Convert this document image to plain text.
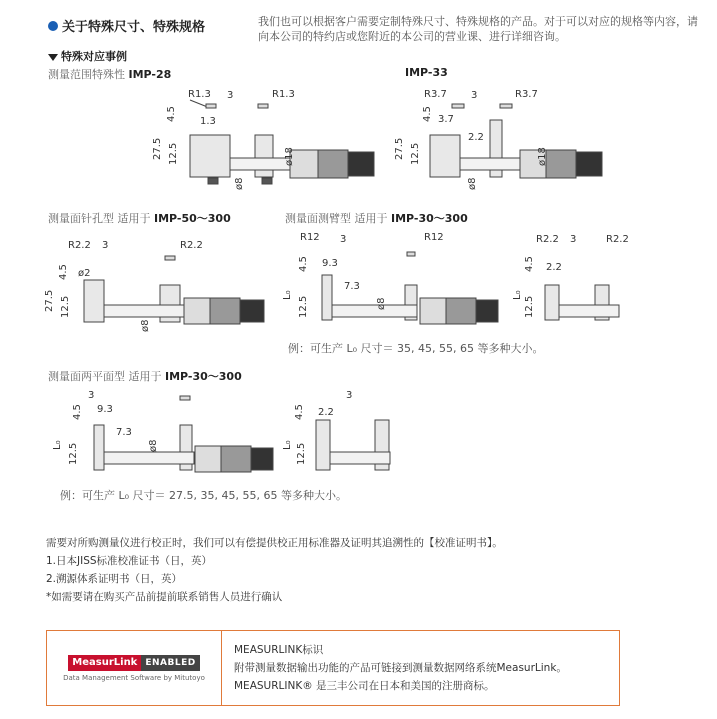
关于特殊尺寸、特殊规格	我们也可以根据客户需要定制特殊尺寸、特殊规格的产品。对于可以对应的规格等内容，请向本公司的特约店或您附近的本公司的营业课、进行详细咨询。
特殊对应事例
测量范围特殊性 IMP-28	IMP-33
测量面针孔型 适用于 IMP-50～300	测量面测臂型 适用于 IMP-30～300
测量面两平面型 适用于 IMP-30～300
R1.3 3	R1.3
4.5 1.3
27.5 12.5	ø18
ø8
R3.7 3	R3.7
4.5 3.7
2.2
27.5 12.5	ø18
ø8
R2.2 3	R2.2
4.5 ø2
27.5 12.5
ø8
R12 3	R12
4.5 9.3
7.3
L₀
12.5	ø8
R2.2 3	R2.2
4.5 2.2
L₀
12.5
3
4.5 9.3
7.3
L₀ 12.5	ø8
3
4.5 2.2
L₀ 12.5
例：可生产 L₀ 尺寸＝ 35, 45, 55, 65 等多种大小。
例：可生产 L₀ 尺寸＝ 27.5, 35, 45, 55, 65 等多种大小。
需要对所购测量仪进行校正时，我们可以有偿提供校正用标准器及证明其追溯性的【校准证明书】。
1.日本JISS标准校准证书（日，英）
2.溯源体系证明书（日，英）
*如需要请在购买产品前提前联系销售人员进行确认
MeasurLink ENABLED
Data Management Software by Mitutoyo
MEASURLINK标识
附带测量数据输出功能的产品可链接到测量数据网络系统MeasurLink。
MEASURLINK® 是三丰公司在日本和美国的注册商标。
